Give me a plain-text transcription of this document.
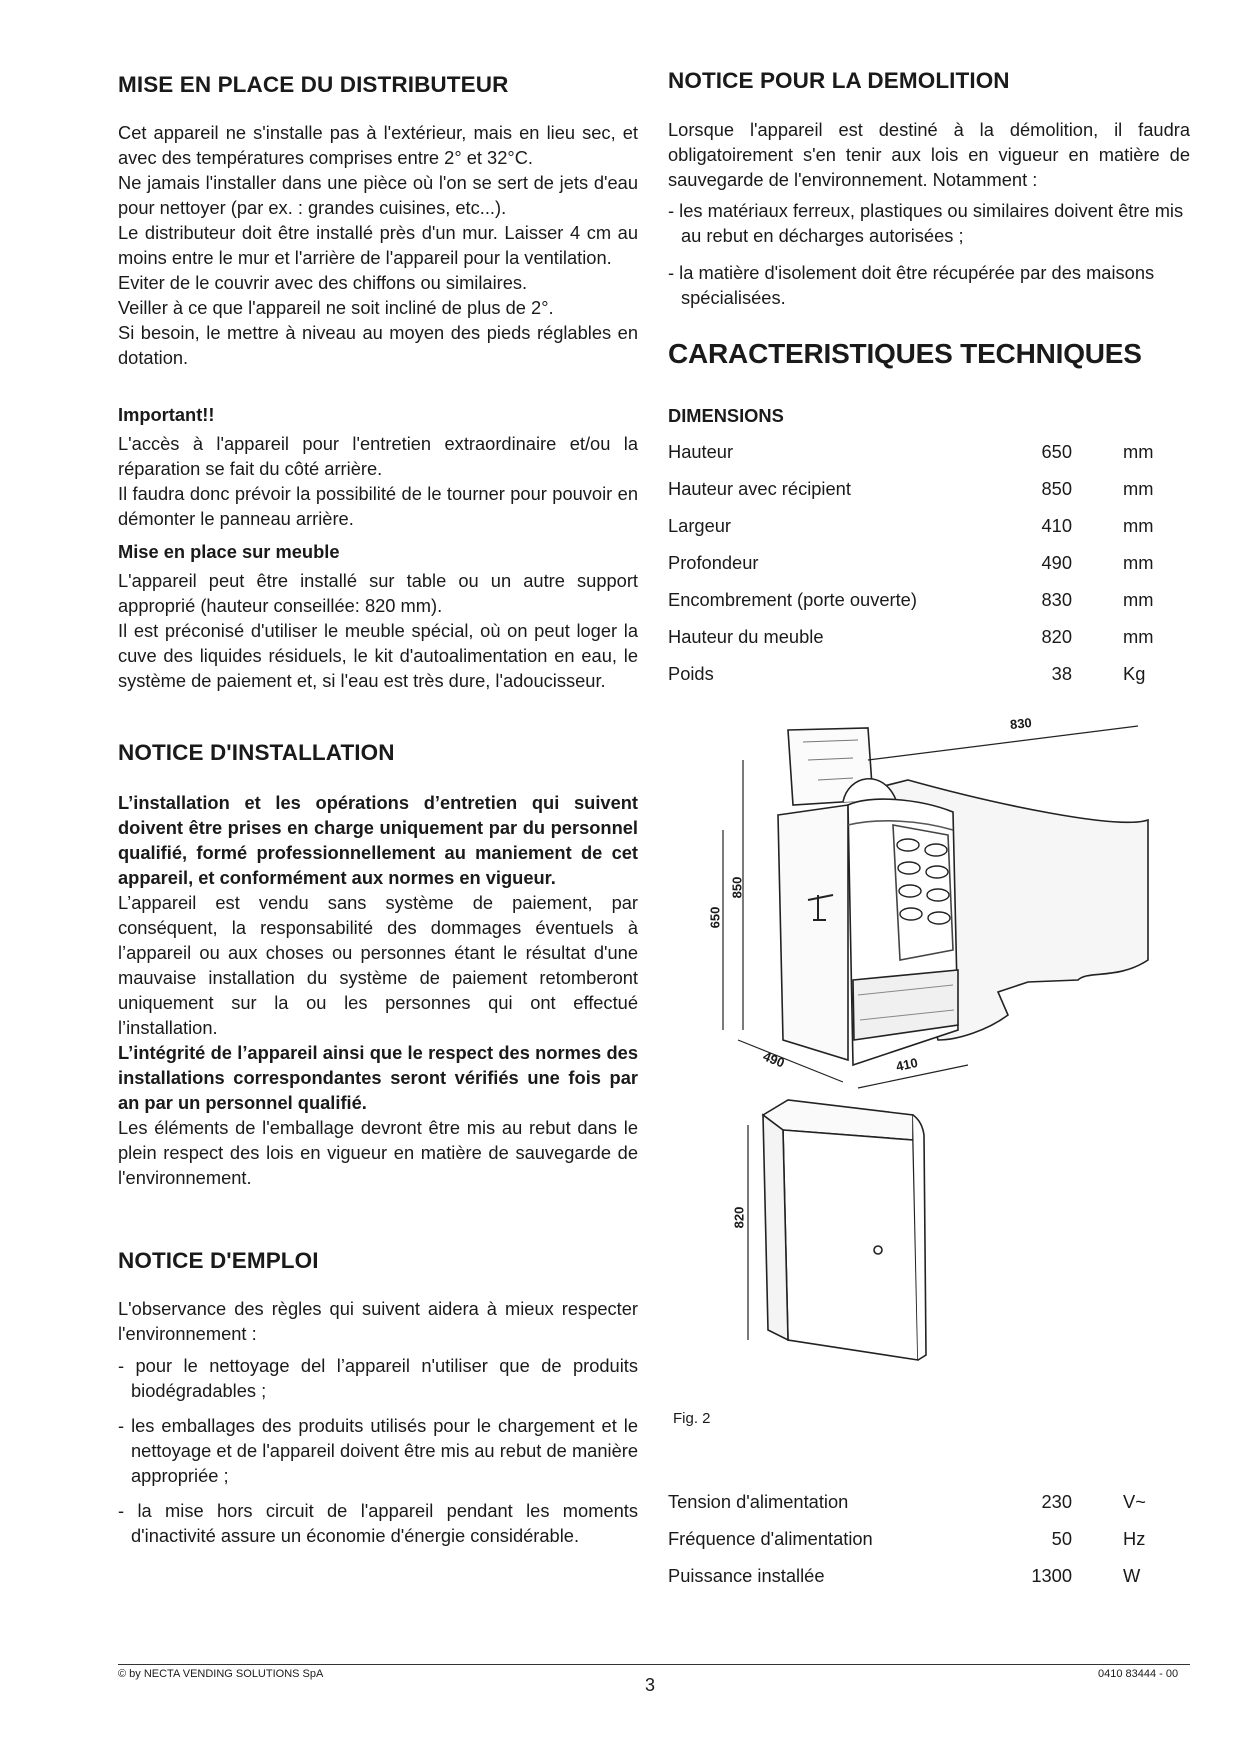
MISE EN PLACE DU DISTRIBUTEUR

Cet appareil ne s'installe pas à l'extérieur, mais en lieu sec, et avec des températures comprises entre 2° et 32°C.

Ne jamais l'installer dans une pièce où l'on se sert de jets d'eau pour nettoyer (par ex. : grandes cuisines, etc...).

Le distributeur doit être installé près d'un mur. Laisser 4 cm au moins entre le mur et l'arrière de l'appareil pour la ventilation.

Eviter de le couvrir avec des chiffons ou similaires.

Veiller à ce que l'appareil ne soit incliné de plus de 2°.

Si besoin, le mettre à niveau au moyen des pieds réglables en dotation.

Important!!

L'accès à l'appareil pour l'entretien extraordinaire et/ou la réparation se fait du côté arrière.

Il faudra donc prévoir la possibilité de le tourner pour pouvoir en démonter le panneau arrière.

Mise en place sur meuble

L'appareil peut être installé sur table ou un autre support approprié (hauteur conseillée: 820 mm).

Il est préconisé d'utiliser le meuble spécial, où on peut loger la cuve des liquides résiduels, le kit d'autoalimentation en eau, le système de paiement et, si l'eau est très dure, l'adoucisseur.

NOTICE D'INSTALLATION

L’installation et les opérations d’entretien qui suivent doivent être prises en charge uniquement par du personnel qualifié, formé professionnellement au maniement de cet appareil, et conformément aux normes en vigueur.

L’appareil est vendu sans système de paiement, par conséquent, la responsabilité des dommages éventuels à l’appareil ou aux choses ou personnes étant le résultat d'une mauvaise installation du système de paiement retomberont uniquement sur la ou les personnes qui ont effectué l’installation.

L’intégrité de l’appareil ainsi que le respect des normes des installations correspondantes seront vérifiés une fois par an par un personnel qualifié.

Les éléments de l'emballage devront être mis au rebut dans le plein respect des lois en vigueur en matière de sauvegarde de l'environnement.

NOTICE D'EMPLOI
L'observance des règles qui suivent aidera à mieux respecter l'environnement :
- pour le nettoyage del l’appareil n'utiliser que de produits biodégradables ;
- les emballages des produits utilisés pour le chargement et le nettoyage et de l'appareil doivent être mis au rebut de manière appropriée ;
- la mise hors circuit de l'appareil pendant les moments d'inactivité assure un économie d'énergie considérable.
NOTICE POUR LA DEMOLITION
Lorsque l'appareil est destiné à la démolition, il faudra obligatoirement s'en tenir aux lois en vigueur en matière de sauvegarde de l'environnement. Notamment :
- les matériaux ferreux, plastiques ou similaires doivent être mis au rebut en décharges autorisées ;
- la matière d'isolement doit être récupérée par des maisons spécialisées.
CARACTERISTIQUES TECHNIQUES
DIMENSIONS
Hauteur	650	mm
Hauteur avec récipient	850	mm
Largeur	410	mm
Profondeur	490	mm
Encombrement (porte ouverte)	830	mm
Hauteur du meuble	820	mm
Poids	38	Kg
Tension d'alimentation	230	V~
Fréquence d'alimentation	50	Hz
Puissance installée	1300	W
830
850
650
490	410
820
Fig. 2
© by NECTA VENDING SOLUTIONS SpA
3
0410 83444 - 00
